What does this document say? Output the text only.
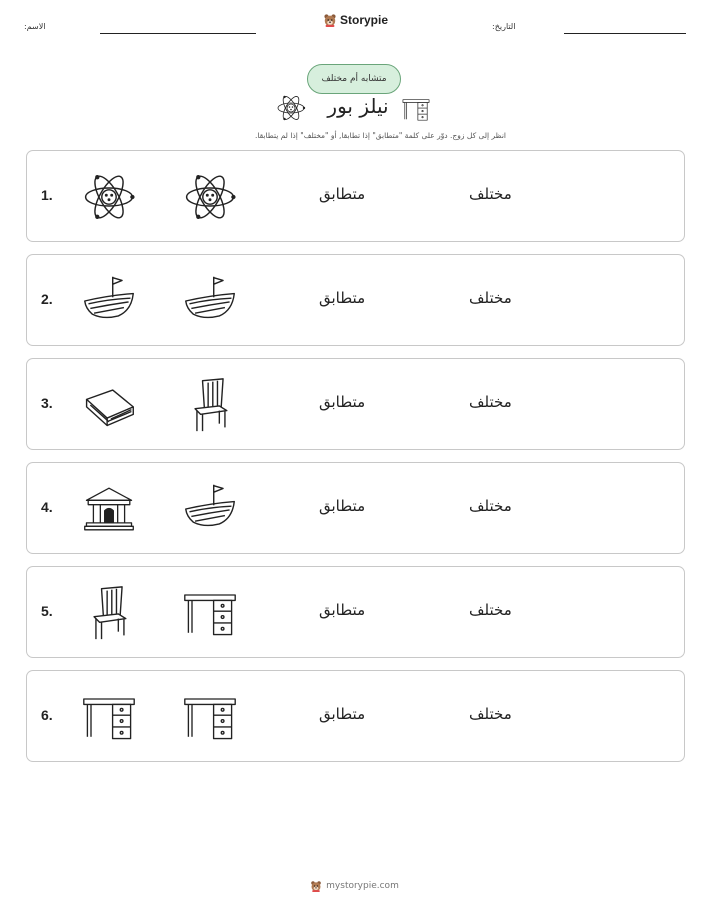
الاسم:	Storypie	التاريخ:
متشابه أم مختلف
نيلز بور
انظر إلى كل زوج. دوّر على كلمة "متطابق" إذا تطابقا, أو "مختلف" إذا لم يتطابقا.
1.	متطابق	مختلف
2.	متطابق	مختلف
3.	متطابق	مختلف
4.	متطابق	مختلف
5.	متطابق	مختلف
6.	متطابق	مختلف
mystorypie.com
